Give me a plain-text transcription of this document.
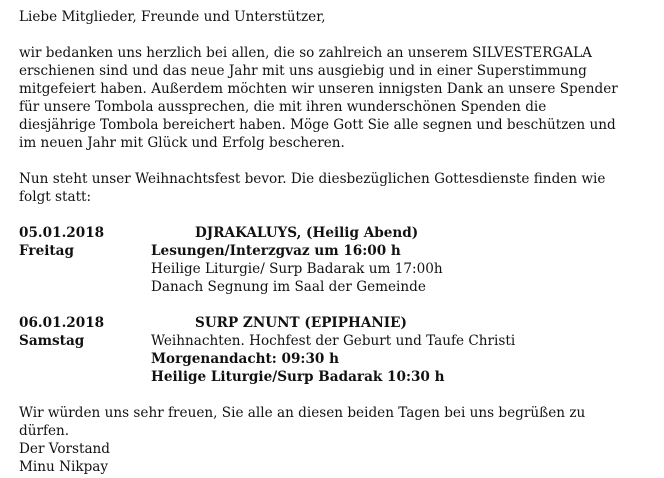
Liebe Mitglieder, Freunde und Unterstützer,
wir bedanken uns herzlich bei allen, die so zahlreich an unserem SILVESTERGALA
erschienen sind und das neue Jahr mit uns ausgiebig und in einer Superstimmung
mitgefeiert haben. Außerdem möchten wir unseren innigsten Dank an unsere Spender
für unsere Tombola aussprechen, die mit ihren wunderschönen Spenden die
diesjährige Tombola bereichert haben. Möge Gott Sie alle segnen und beschützen und
im neuen Jahr mit Glück und Erfolg bescheren.
Nun steht unser Weihnachtsfest bevor. Die diesbezüglichen Gottesdienste finden wie
folgt statt:
05.01.2018	DJRAKALUYS, (Heilig Abend)
Freitag	Lesungen/Interzgvaz um 16:00 h
Heilige Liturgie/ Surp Badarak um 17:00h
Danach Segnung im Saal der Gemeinde
06.01.2018	SURP ZNUNT (EPIPHANIE)
Samstag	Weihnachten. Hochfest der Geburt und Taufe Christi
Morgenandacht: 09:30 h
Heilige Liturgie/Surp Badarak 10:30 h
Wir würden uns sehr freuen, Sie alle an diesen beiden Tagen bei uns begrüßen zu
dürfen.
Der Vorstand
Minu Nikpay
